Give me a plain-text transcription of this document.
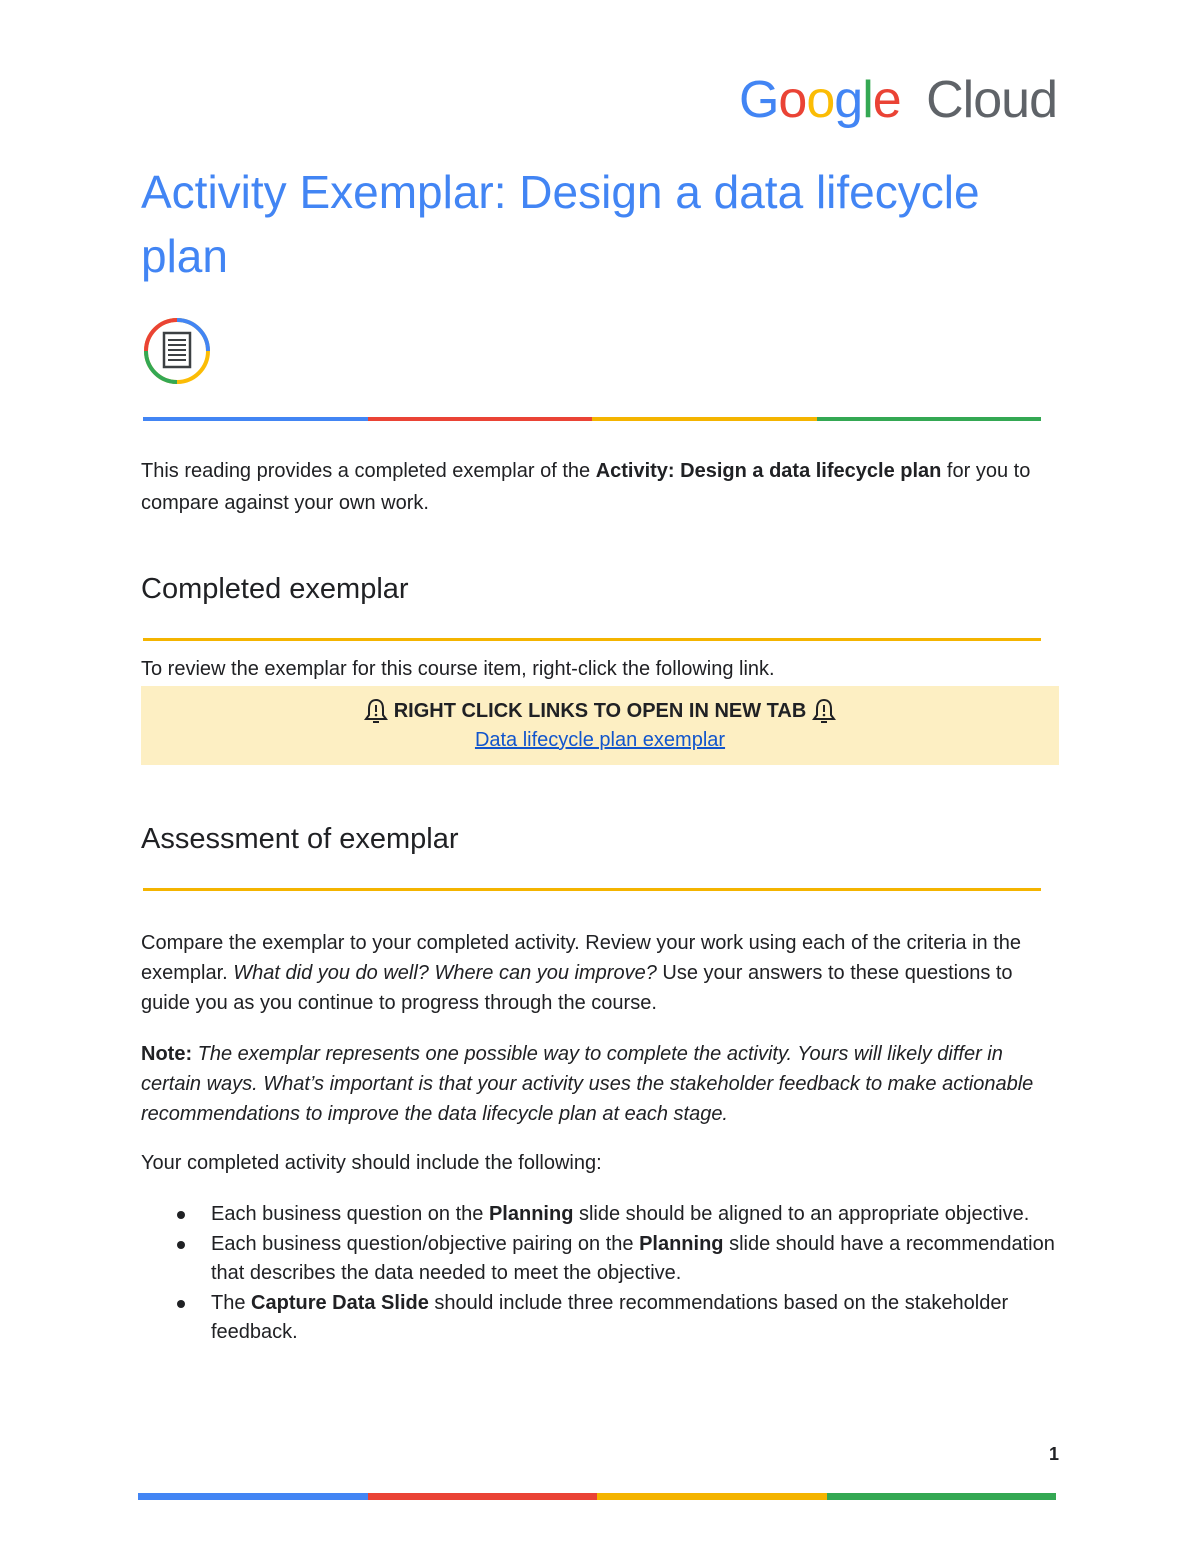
Google Cloud
Activity Exemplar: Design a data lifecycle plan

This reading provides a completed exemplar of the Activity: Design a data lifecycle plan for you to compare against your own work.

Completed exemplar

To review the exemplar for this course item, right-click the following link.

RIGHT CLICK LINKS TO OPEN IN NEW TAB
Data lifecycle plan exemplar
Assessment of exemplar

Compare the exemplar to your completed activity. Review your work using each of the criteria in the exemplar. What did you do well? Where can you improve? Use your answers to these questions to guide you as you continue to progress through the course.

Note: The exemplar represents one possible way to complete the activity. Yours will likely differ in certain ways. What’s important is that your activity uses the stakeholder feedback to make actionable recommendations to improve the data lifecycle plan at each stage.

Your completed activity should include the following:

Each business question on the Planning slide should be aligned to an appropriate objective.
Each business question/objective pairing on the Planning slide should have a recommendation that describes the data needed to meet the objective.
The Capture Data Slide should include three recommendations based on the stakeholder feedback.
1
